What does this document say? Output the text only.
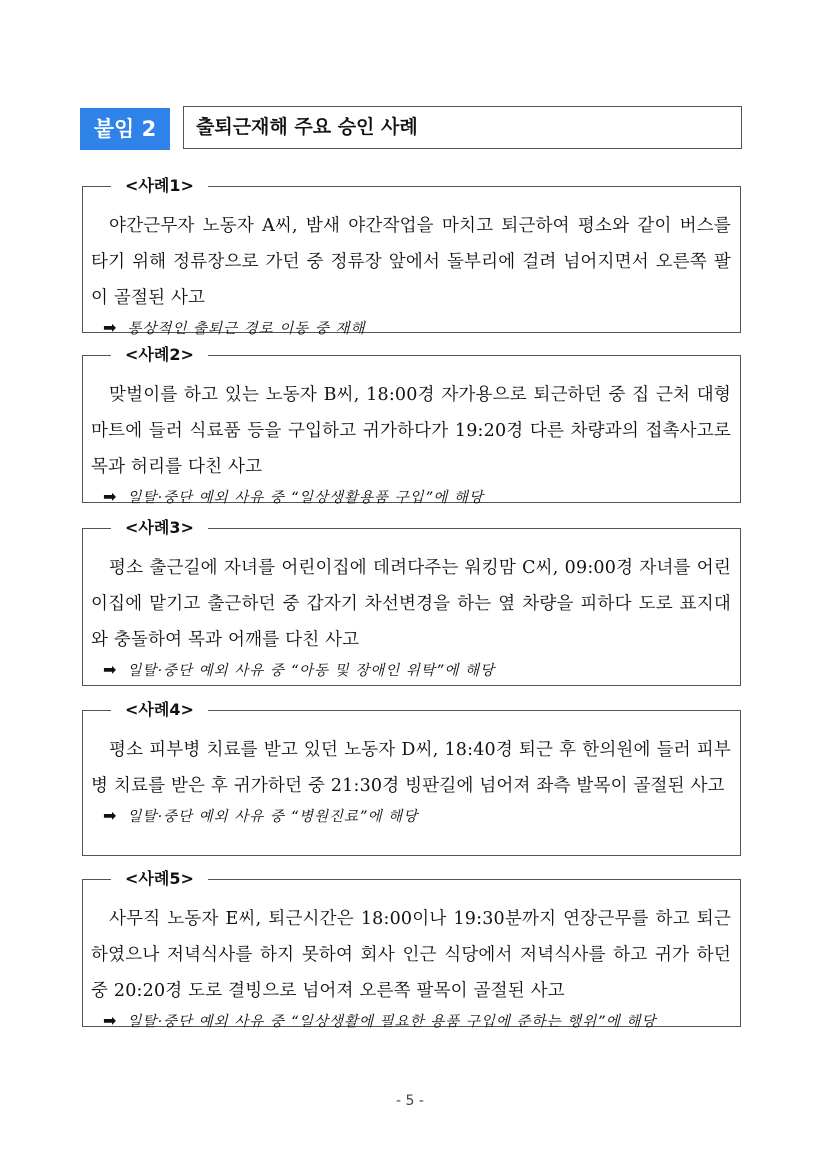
붙임 2	출퇴근재해 주요 승인 사례
<사례1>
야간근무자 노동자 A씨, 밤새 야간작업을 마치고 퇴근하여 평소와 같이 버스를 타기 위해 정류장으로 가던 중 정류장 앞에서 돌부리에 걸려 넘어지면서 오른쪽 팔이 골절된 사고
➡ 통상적인 출퇴근 경로 이동 중 재해
<사례2>
맞벌이를 하고 있는 노동자 B씨, 18:00경 자가용으로 퇴근하던 중 집 근처 대형마트에 들러 식료품 등을 구입하고 귀가하다가 19:20경 다른 차량과의 접촉사고로 목과 허리를 다친 사고
➡ 일탈·중단 예외 사유 중 “일상생활용품 구입”에 해당
<사례3>
평소 출근길에 자녀를 어린이집에 데려다주는 워킹맘 C씨, 09:00경 자녀를 어린이집에 맡기고 출근하던 중 갑자기 차선변경을 하는 옆 차량을 피하다 도로 표지대와 충돌하여 목과 어깨를 다친 사고
➡ 일탈·중단 예외 사유 중 “아동 및 장애인 위탁”에 해당
<사례4>
평소 피부병 치료를 받고 있던 노동자 D씨, 18:40경 퇴근 후 한의원에 들러 피부병 치료를 받은 후 귀가하던 중 21:30경 빙판길에 넘어져 좌측 발목이 골절된 사고
➡ 일탈·중단 예외 사유 중 “병원진료”에 해당
<사례5>
사무직 노동자 E씨, 퇴근시간은 18:00이나 19:30분까지 연장근무를 하고 퇴근하였으나 저녁식사를 하지 못하여 회사 인근 식당에서 저녁식사를 하고 귀가 하던 중 20:20경 도로 결빙으로 넘어져 오른쪽 팔목이 골절된 사고
➡ 일탈·중단 예외 사유 중 “일상생활에 필요한 용품 구입에 준하는 행위”에 해당
- 5 -
